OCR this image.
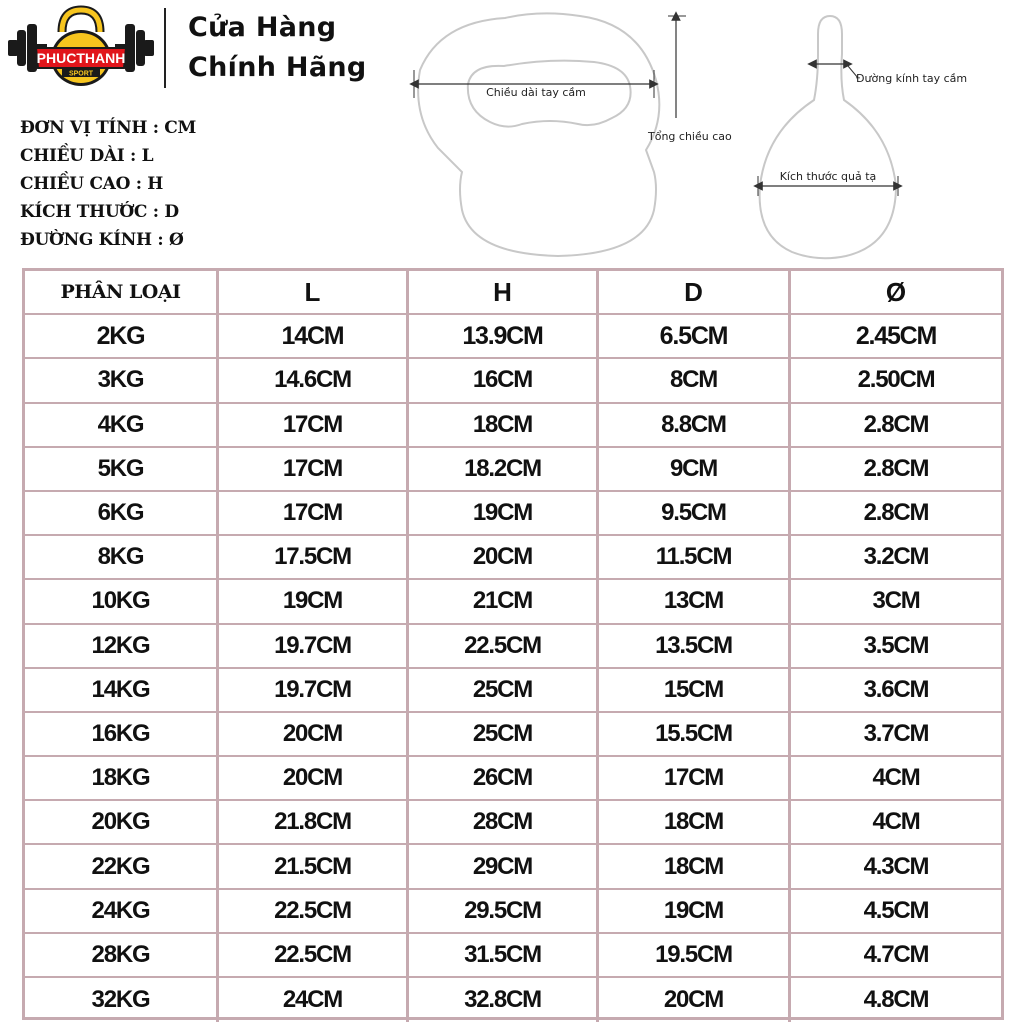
PHUCTHANH
SPORT
Cửa Hàng
Chính Hãng
ĐƠN VỊ TÍNH : CM
CHIỀU DÀI : L
CHIỀU CAO : H
KÍCH THƯỚC : D
ĐƯỜNG KÍNH : Ø
Chiều dài tay cầm
Tổng chiều cao
Đường kính tay cầm
Kích thước quả tạ
PHÂN LOẠI	L	H	D	Ø
2KG	14CM	13.9CM	6.5CM	2.45CM
3KG	14.6CM	16CM	8CM	2.50CM
4KG	17CM	18CM	8.8CM	2.8CM
5KG	17CM	18.2CM	9CM	2.8CM
6KG	17CM	19CM	9.5CM	2.8CM
8KG	17.5CM	20CM	11.5CM	3.2CM
10KG	19CM	21CM	13CM	3CM
12KG	19.7CM	22.5CM	13.5CM	3.5CM
14KG	19.7CM	25CM	15CM	3.6CM
16KG	20CM	25CM	15.5CM	3.7CM
18KG	20CM	26CM	17CM	4CM
20KG	21.8CM	28CM	18CM	4CM
22KG	21.5CM	29CM	18CM	4.3CM
24KG	22.5CM	29.5CM	19CM	4.5CM
28KG	22.5CM	31.5CM	19.5CM	4.7CM
32KG	24CM	32.8CM	20CM	4.8CM
